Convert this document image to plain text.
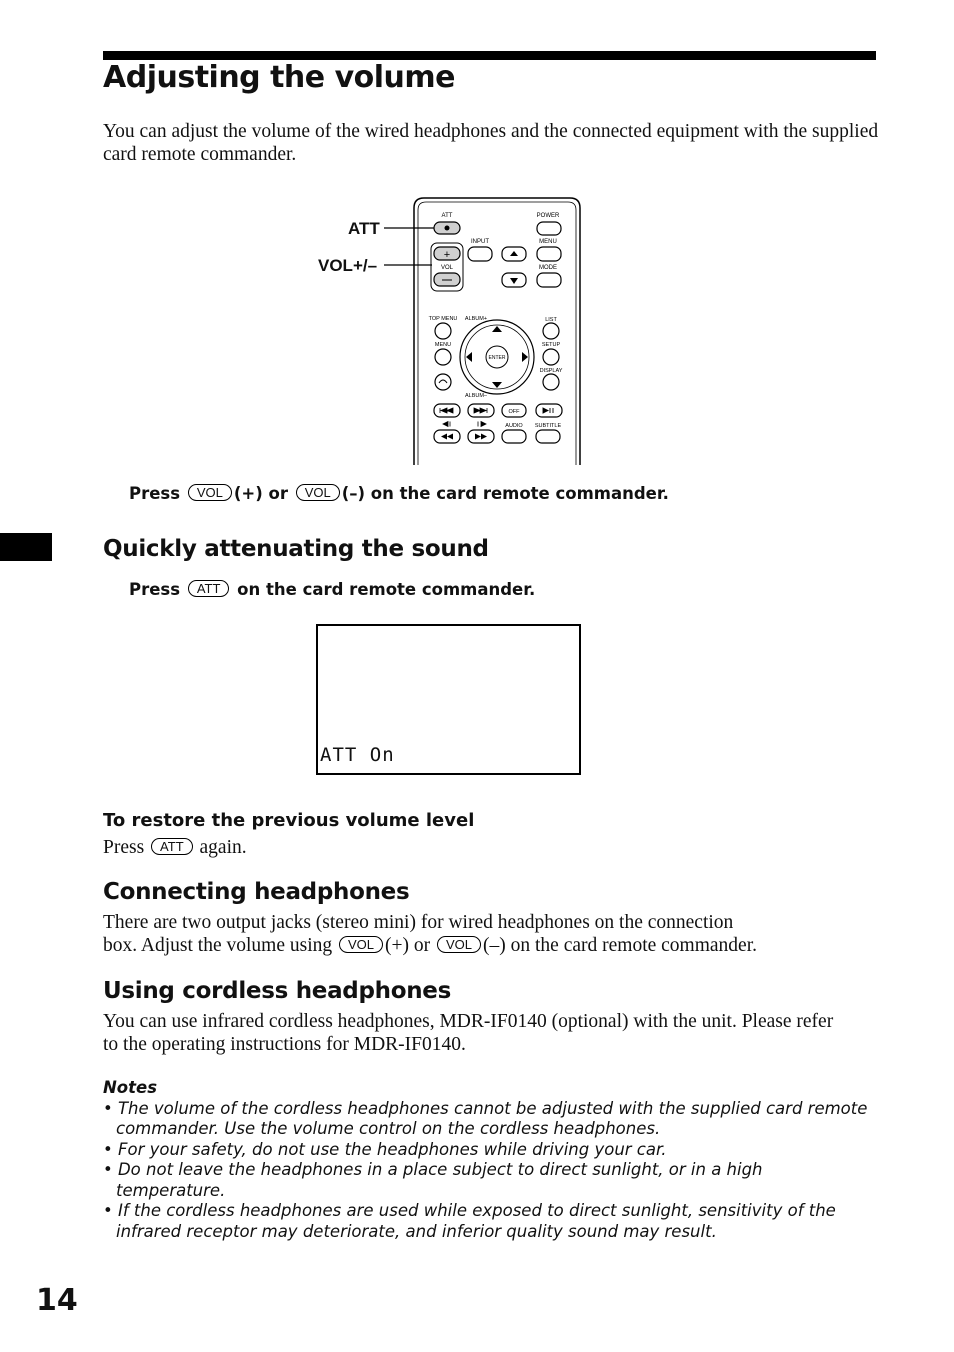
Adjusting the volume
You can adjust the volume of the wired headphones and the connected equipment with the supplied card remote commander.
ATT	POWER
+
VOL
INPUT	MENU
MODE
TOP MENU ALBUM+	LIST
ENTER
MENU	SETUP
DISPLAY
ALBUM–
OFF
AUDIO SUBTITLE
ATT
VOL+/–
Press VOL (+) or VOL (–) on the card remote commander.
Quickly attenuating the sound
Press ATT on the card remote commander.
ATT On
To restore the previous volume level
Press ATT again.
Connecting headphones
There are two output jacks (stereo mini) for wired headphones on the connection
box. Adjust the volume using VOL (+) or VOL (–) on the card remote commander.
Using cordless headphones
You can use infrared cordless headphones, MDR-IF0140 (optional) with the unit. Please refer to the operating instructions for MDR-IF0140.
Notes
• The volume of the cordless headphones cannot be adjusted with the supplied card remote commander. Use the volume control on the cordless headphones.
• For your safety, do not use the headphones while driving your car.
• Do not leave the headphones in a place subject to direct sunlight, or in a high temperature.
• If the cordless headphones are used while exposed to direct sunlight, sensitivity of the infrared receptor may deteriorate, and inferior quality sound may result.
14
